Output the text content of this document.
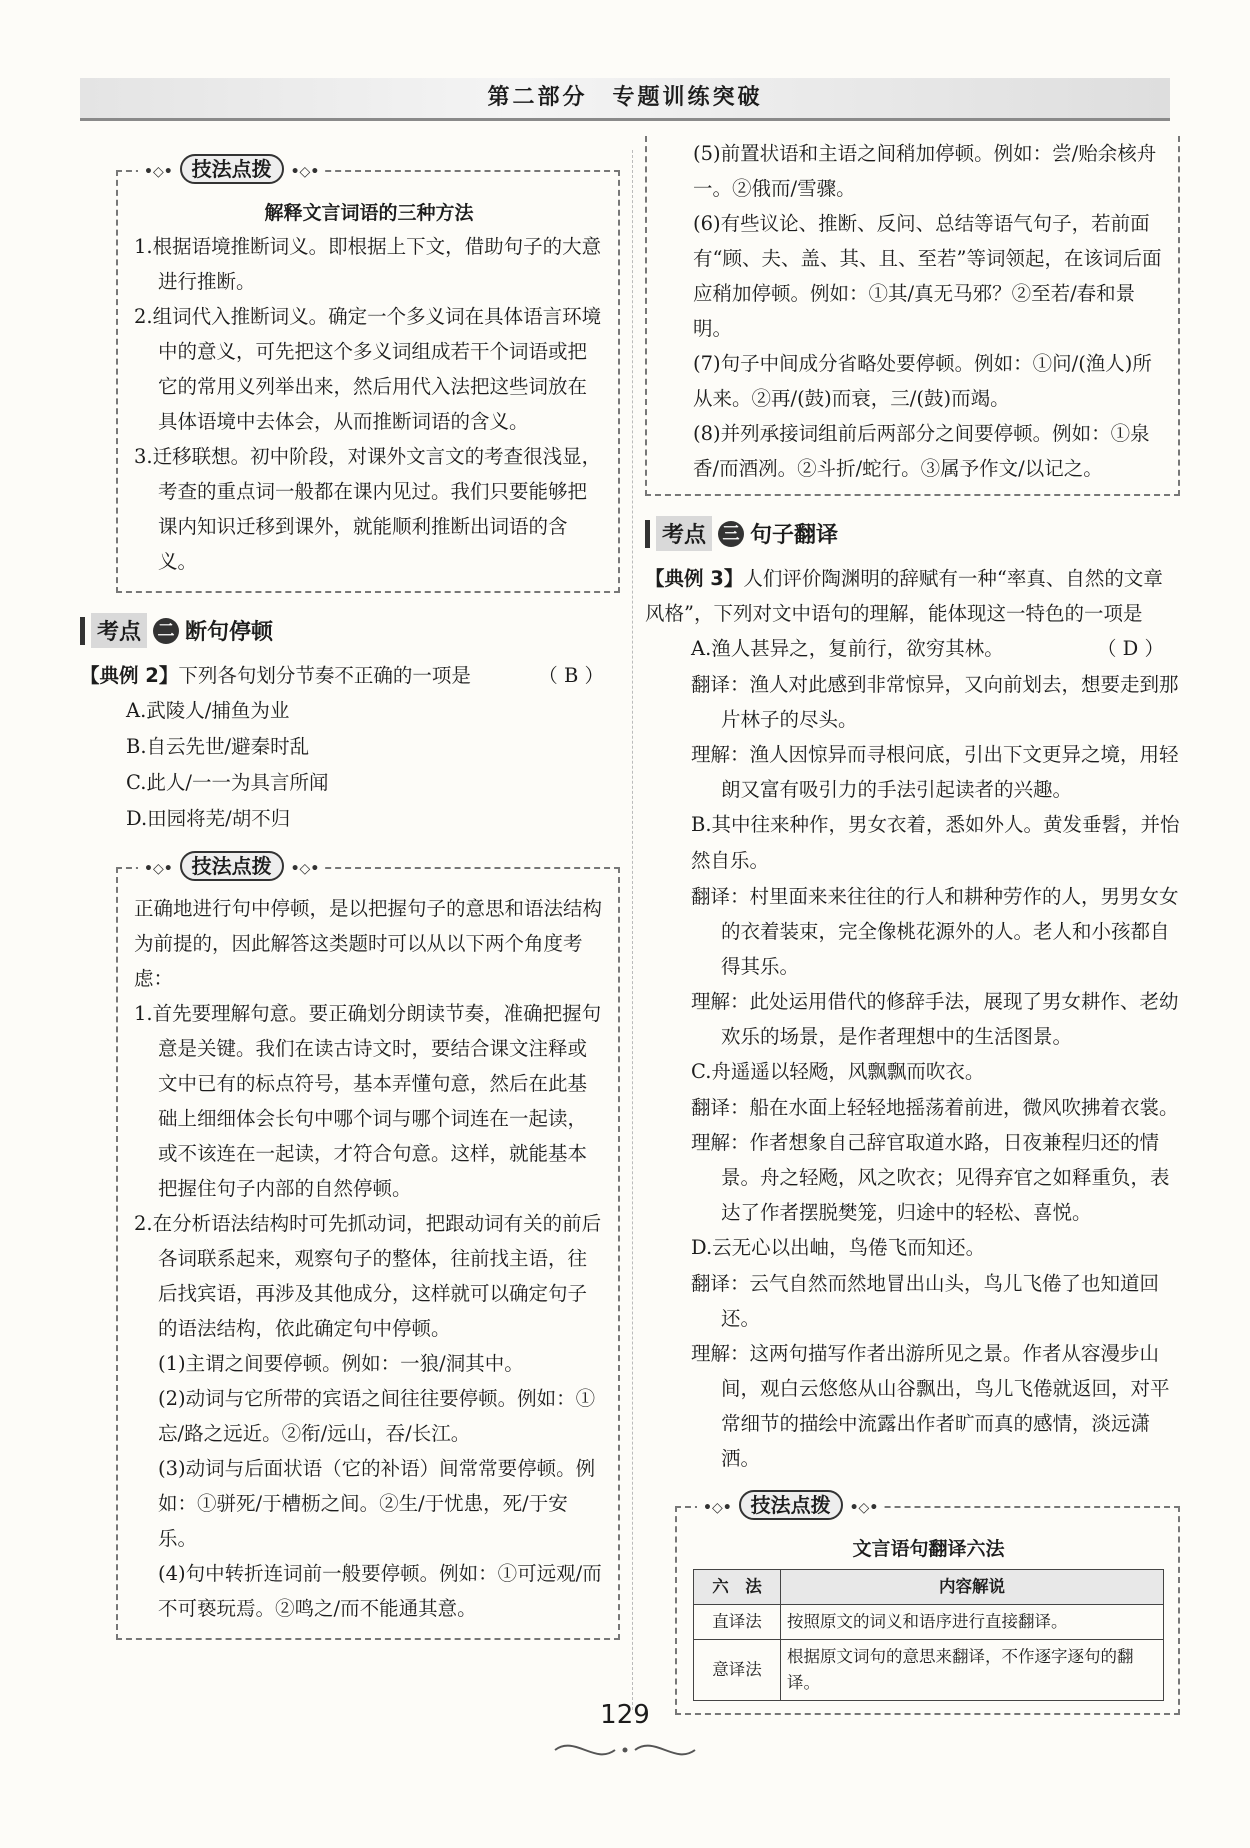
第二部分　专题训练突破
•◇• 技法点拨 •◇•
解释文言词语的三种方法

1.根据语境推断词义。即根据上下文，借助句子的大意进行推断。

2.组词代入推断词义。确定一个多义词在具体语言环境中的意义，可先把这个多义词组成若干个词语或把它的常用义列举出来，然后用代入法把这些词放在具体语境中去体会，从而推断词语的含义。

3.迁移联想。初中阶段，对课外文言文的考查很浅显，考查的重点词一般都在课内见过。我们只要能够把课内知识迁移到课外，就能顺利推断出词语的含义。

考点 二 断句停顿
【典例 2】下列各句划分节奏不正确的一项是	（ B ）
A.武陵人/捕鱼为业
B.自云先世/避秦时乱
C.此人/一一为具言所闻
D.田园将芜/胡不归
•◇• 技法点拨 •◇•

正确地进行句中停顿，是以把握句子的意思和语法结构为前提的，因此解答这类题时可以从以下两个角度考虑：

1.首先要理解句意。要正确划分朗读节奏，准确把握句意是关键。我们在读古诗文时，要结合课文注释或文中已有的标点符号，基本弄懂句意，然后在此基础上细细体会长句中哪个词与哪个词连在一起读，或不该连在一起读，才符合句意。这样，就能基本把握住句子内部的自然停顿。

2.在分析语法结构时可先抓动词，把跟动词有关的前后各词联系起来，观察句子的整体，往前找主语，往后找宾语，再涉及其他成分，这样就可以确定句子的语法结构，依此确定句中停顿。

(1)主谓之间要停顿。例如：一狼/洞其中。

(2)动词与它所带的宾语之间往往要停顿。例如：①忘/路之远近。②衔/远山，吞/长江。

(3)动词与后面状语（它的补语）间常常要停顿。例如：①骈死/于槽枥之间。②生/于忧患，死/于安乐。

(4)句中转折连词前一般要停顿。例如：①可远观/而不可亵玩焉。②鸣之/而不能通其意。

(5)前置状语和主语之间稍加停顿。例如：尝/贻余核舟一。②俄而/雪骤。

(6)有些议论、推断、反问、总结等语气句子，若前面有“顾、夫、盖、其、且、至若”等词领起，在该词后面应稍加停顿。例如：①其/真无马邪？②至若/春和景明。

(7)句子中间成分省略处要停顿。例如：①问/(渔人)所从来。②再/(鼓)而衰，三/(鼓)而竭。

(8)并列承接词组前后两部分之间要停顿。例如：①泉香/而酒冽。②斗折/蛇行。③属予作文/以记之。

考点 三 句子翻译
【典例 3】人们评价陶渊明的辞赋有一种“率真、自然的文章风格”，下列对文中语句的理解，能体现这一特色的一项是
（ D ）

A.渔人甚异之，复前行，欲穷其林。

翻译：渔人对此感到非常惊异，又向前划去，想要走到那片林子的尽头。

理解：渔人因惊异而寻根问底，引出下文更异之境，用轻朗又富有吸引力的手法引起读者的兴趣。

B.其中往来种作，男女衣着，悉如外人。黄发垂髫，并怡然自乐。

翻译：村里面来来往往的行人和耕种劳作的人，男男女女的衣着装束，完全像桃花源外的人。老人和小孩都自得其乐。

理解：此处运用借代的修辞手法，展现了男女耕作、老幼欢乐的场景，是作者理想中的生活图景。

C.舟遥遥以轻飏，风飘飘而吹衣。

翻译：船在水面上轻轻地摇荡着前进，微风吹拂着衣裳。

理解：作者想象自己辞官取道水路，日夜兼程归还的情景。舟之轻飏，风之吹衣；见得弃官之如释重负，表达了作者摆脱樊笼，归途中的轻松、喜悦。

D.云无心以出岫，鸟倦飞而知还。

翻译：云气自然而然地冒出山头，鸟儿飞倦了也知道回还。

理解：这两句描写作者出游所见之景。作者从容漫步山间，观白云悠悠从山谷飘出，鸟儿飞倦就返回，对平常细节的描绘中流露出作者旷而真的感情，淡远潇洒。

•◇• 技法点拨 •◇•
文言语句翻译六法
六　法	内容解说
直译法	按照原文的词义和语序进行直接翻译。
意译法	根据原文词句的意思来翻译，不作逐字逐句的翻译。
129
